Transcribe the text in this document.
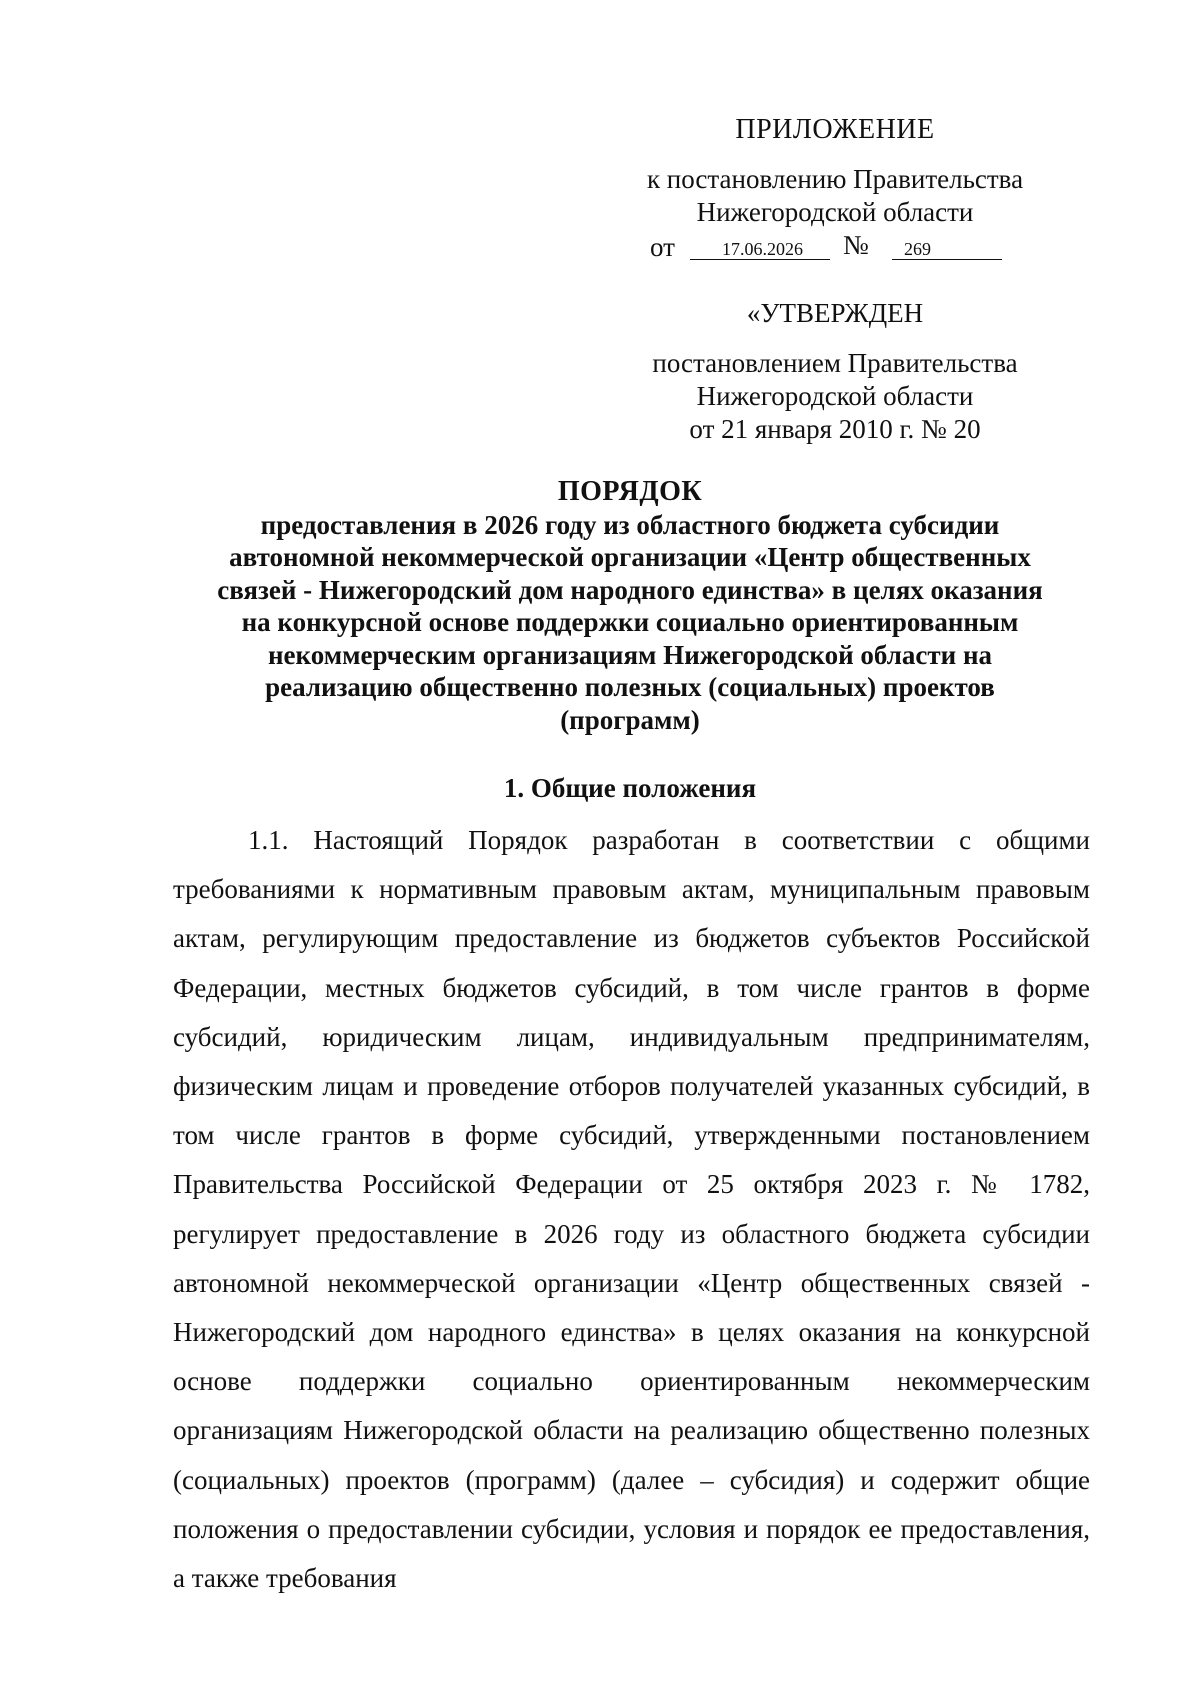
ПРИЛОЖЕНИЕ
к постановлению Правительства
Нижегородской области
от	17.06.2026	№	269
«УТВЕРЖДЕН
постановлением Правительства
Нижегородской области
от 21 января 2010 г. № 20
ПОРЯДОК
предоставления в 2026 году из областного бюджета субсидии
автономной некоммерческой организации «Центр общественных
связей - Нижегородский дом народного единства» в целях оказания
на конкурсной основе поддержки социально ориентированным
некоммерческим организациям Нижегородской области на
реализацию общественно полезных (социальных) проектов
(программ)
1. Общие положения

1.1. Настоящий Порядок разработан в соответствии с общими требованиями к нормативным правовым актам, муниципальным правовым актам, регулирующим предоставление из бюджетов субъектов Российской Федерации, местных бюджетов субсидий, в том числе грантов в форме субсидий, юридическим лицам, индивидуальным предпринимателям, физическим лицам и проведение отборов получателей указанных субсидий, в том числе грантов в форме субсидий, утвержденными постановлением Правительства Российской Федерации от 25 октября 2023 г. № 1782, регулирует предоставление в 2026 году из областного бюджета субсидии автономной некоммерческой организации «Центр общественных связей - Нижегородский дом народного единства» в целях оказания на конкурсной основе поддержки социально ориентированным некоммерческим организациям Нижегородской области на реализацию общественно полезных (социальных) проектов (программ) (далее – субсидия) и содержит общие положения о предоставлении субсидии, условия и порядок ее предоставления, а также требования
